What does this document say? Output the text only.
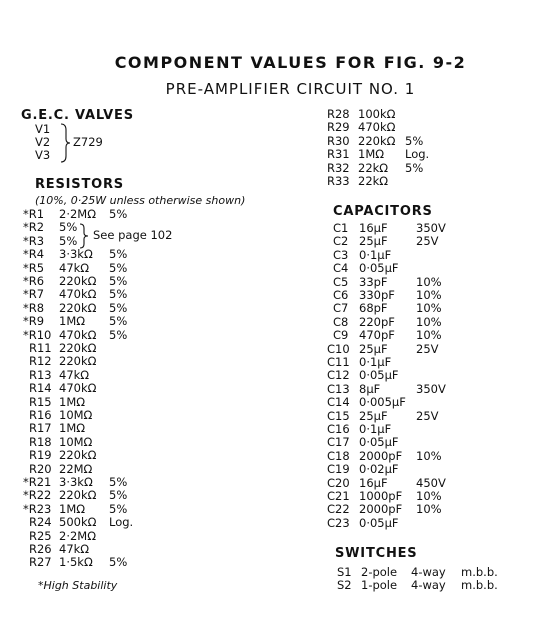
COMPONENT VALUES FOR FIG. 9-2
PRE-AMPLIFIER CIRCUIT NO. 1
G.E.C. VALVES
V1
V2
V3
Z729
RESISTORS
(10%, 0·25W unless otherwise shown)
*R1 2·2MΩ 5%
*R2 5%
*R3 5%
*R4 3·3kΩ 5%
*R5 47kΩ 5%
*R6 220kΩ 5%
*R7 470kΩ 5%
*R8 220kΩ 5%
*R9 1MΩ 5%
*R10 470kΩ 5%
R11 220kΩ
R12 220kΩ
R13 47kΩ
R14 470kΩ
R15 1MΩ
R16 10MΩ
R17 1MΩ
R18 10MΩ
R19 220kΩ
R20 22MΩ
*R21 3·3kΩ 5%
*R22 220kΩ 5%
*R23 1MΩ 5%
R24 500kΩ Log.
R25 2·2MΩ
R26 47kΩ
R27 1·5kΩ 5%
See page 102
*High Stability
R28 100kΩ
R29 470kΩ
R30 220kΩ 5%
R31 1MΩ Log.
R32 22kΩ 5%
R33 22kΩ
CAPACITORS
C1 16μF 350V
C2 25μF 25V
C3 0·1μF
C4 0·05μF
C5 33pF 10%
C6 330pF 10%
C7 68pF 10%
C8 220pF 10%
C9 470pF 10%
C10 25μF 25V
C11 0·1μF
C12 0·05μF
C13 8μF	350V
C14 0·005μF
C15 25μF 25V
C16 0·1μF
C17 0·05μF
C18 2000pF 10%
C19 0·02μF
C20 16μF 450V
C21 1000pF 10%
C22 2000pF 10%
C23 0·05μF
SWITCHES
S1 2-pole 4-way m.b.b.
S2 1-pole 4-way m.b.b.
